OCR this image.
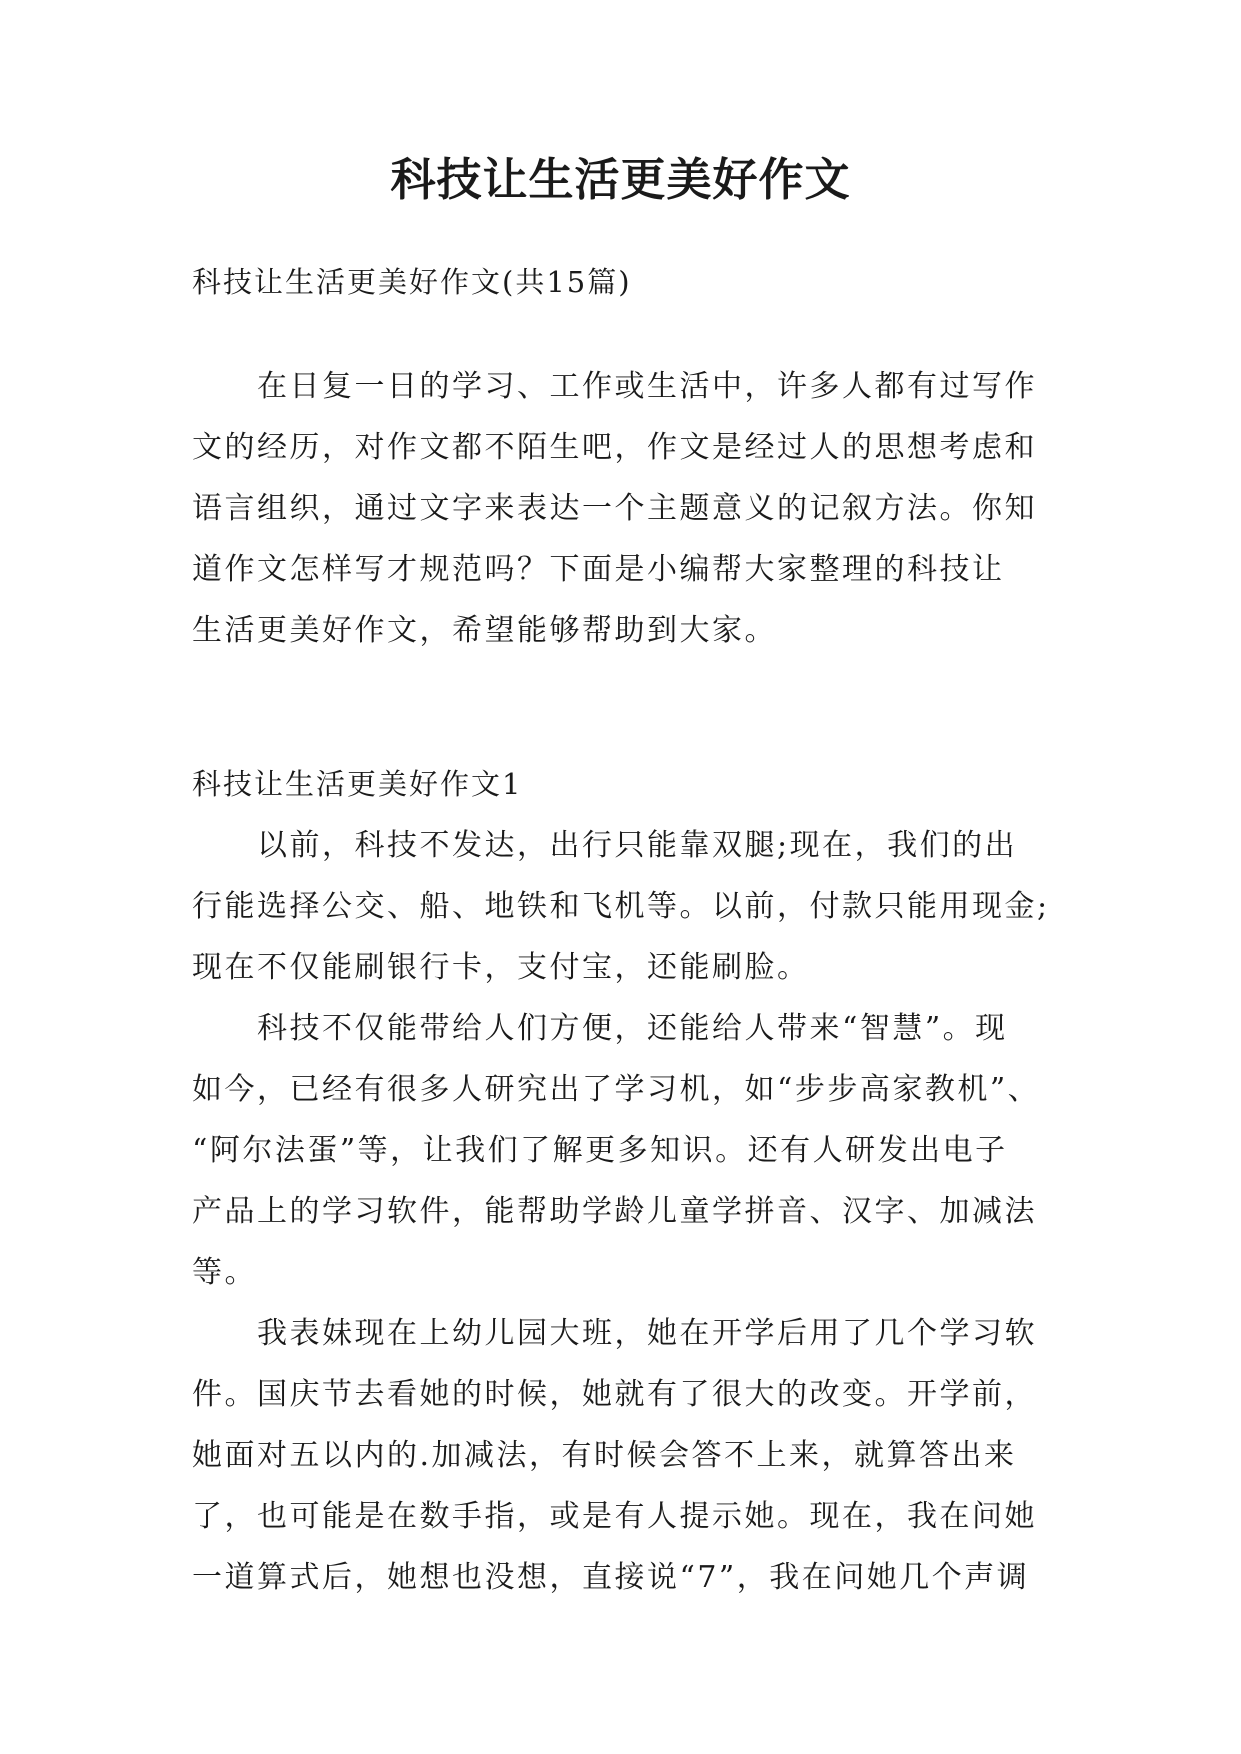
科技让生活更美好作文

科技让生活更美好作文(共15篇)

　　在日复一日的学习、工作或生活中，许多人都有过写作
文的经历，对作文都不陌生吧，作文是经过人的思想考虑和
语言组织，通过文字来表达一个主题意义的记叙方法。你知
道作文怎样写才规范吗？下面是小编帮大家整理的科技让
生活更美好作文，希望能够帮助到大家。

科技让生活更美好作文1

　　以前，科技不发达，出行只能靠双腿;现在，我们的出
行能选择公交、船、地铁和飞机等。以前，付款只能用现金;
现在不仅能刷银行卡，支付宝，还能刷脸。
　　科技不仅能带给人们方便，还能给人带来“智慧”。现
如今，已经有很多人研究出了学习机，如“步步高家教机”、
“阿尔法蛋”等，让我们了解更多知识。还有人研发出电子
产品上的学习软件，能帮助学龄儿童学拼音、汉字、加减法
等。
　　我表妹现在上幼儿园大班，她在开学后用了几个学习软
件。国庆节去看她的时候，她就有了很大的改变。开学前，
她面对五以内的.加减法，有时候会答不上来，就算答出来
了，也可能是在数手指，或是有人提示她。现在，我在问她
一道算式后，她想也没想，直接说“7”，我在问她几个声调
